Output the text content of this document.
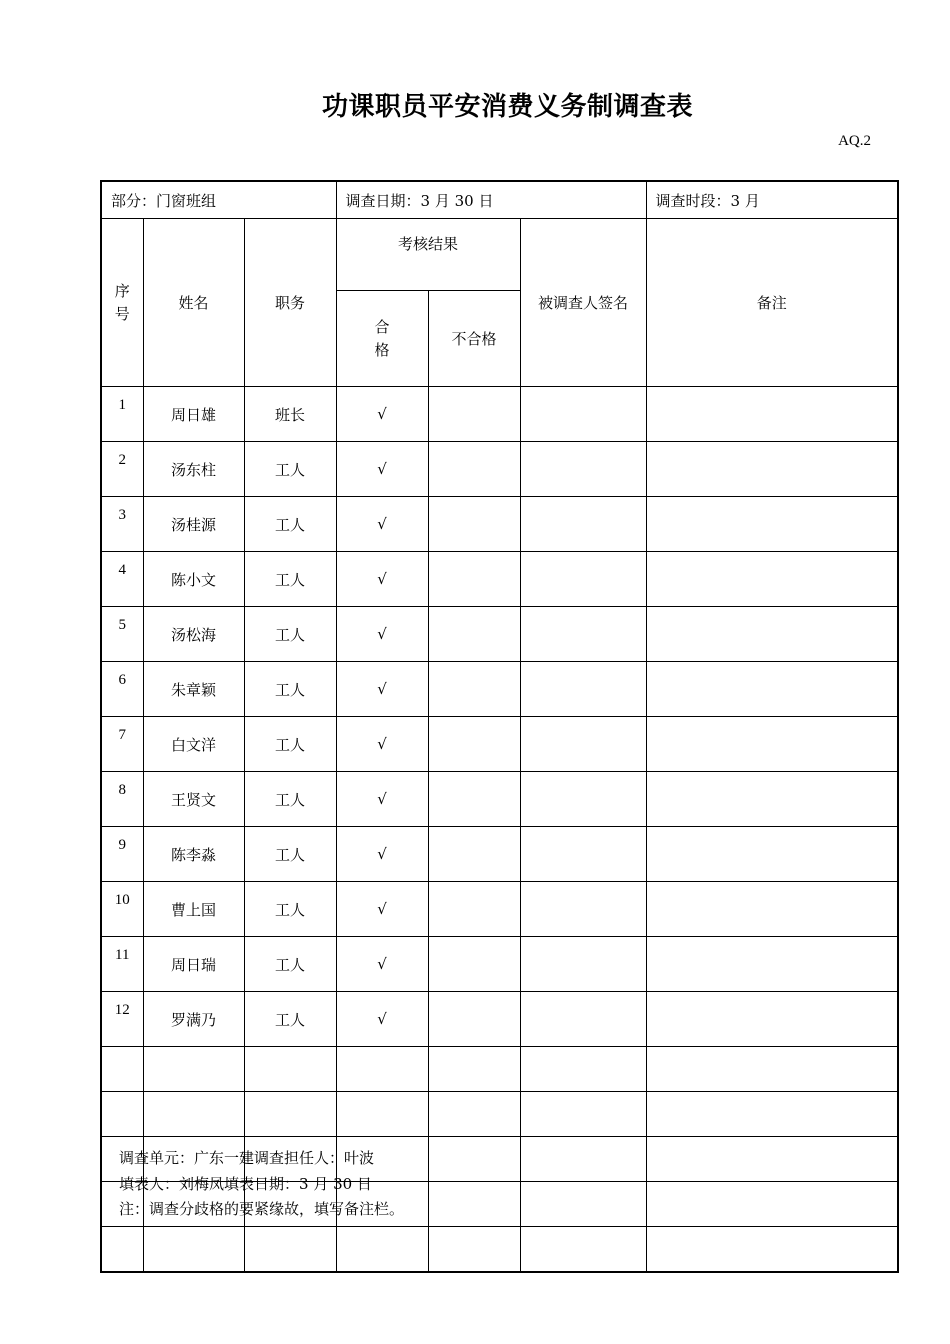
功课职员平安消费义务制调查表
AQ.2
部分：门窗班组			调查日期：3 月 30 日			调查时段：3 月
序号	姓名	职务	考核结果		被调查人签名	备注
			合格	不合格		
1	周日雄	班长	√			
2	汤东柱	工人	√			
3	汤桂源	工人	√			
4	陈小文	工人	√			
5	汤松海	工人	√			
6	朱章颖	工人	√			
7	白文洋	工人	√			
8	王贤文	工人	√			
9	陈李淼	工人	√			
10	曹上国	工人	√			
11	周日瑞	工人	√			
12	罗满乃	工人	√			

调查单元：广东一建调查担任人：叶波
填表人：刘梅凤填表日期：3 月 30 日
注：调查分歧格的要紧缘故，填写备注栏。
